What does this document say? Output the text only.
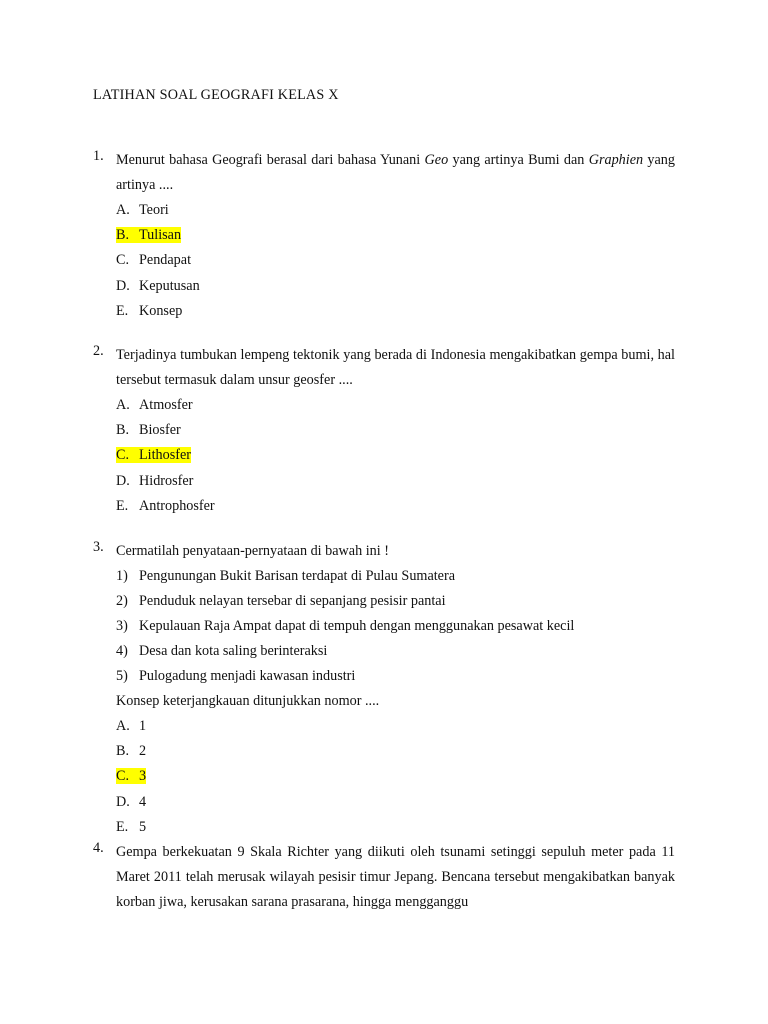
LATIHAN SOAL GEOGRAFI KELAS X
1. Menurut bahasa Geografi berasal dari bahasa Yunani Geo yang artinya Bumi dan Graphien yang artinya ....
A. Teori
B. Tulisan
C. Pendapat
D. Keputusan
E. Konsep
2. Terjadinya tumbukan lempeng tektonik yang berada di Indonesia mengakibatkan gempa bumi, hal tersebut termasuk dalam unsur geosfer ....
A. Atmosfer
B. Biosfer
C. Lithosfer
D. Hidrosfer
E. Antrophosfer
3. Cermatilah penyataan-pernyataan di bawah ini !
1) Pengunungan Bukit Barisan terdapat di Pulau Sumatera
2) Penduduk nelayan tersebar di sepanjang pesisir pantai
3) Kepulauan Raja Ampat dapat di tempuh dengan menggunakan pesawat kecil
4) Desa dan kota saling berinteraksi
5) Pulogadung menjadi kawasan industri
Konsep keterjangkauan ditunjukkan nomor ....
A. 1
B. 2
C. 3
D. 4
E. 5
4. Gempa berkekuatan 9 Skala Richter yang diikuti oleh tsunami setinggi sepuluh meter pada 11 Maret 2011 telah merusak wilayah pesisir timur Jepang. Bencana tersebut mengakibatkan banyak korban jiwa, kerusakan sarana prasarana, hingga mengganggu
